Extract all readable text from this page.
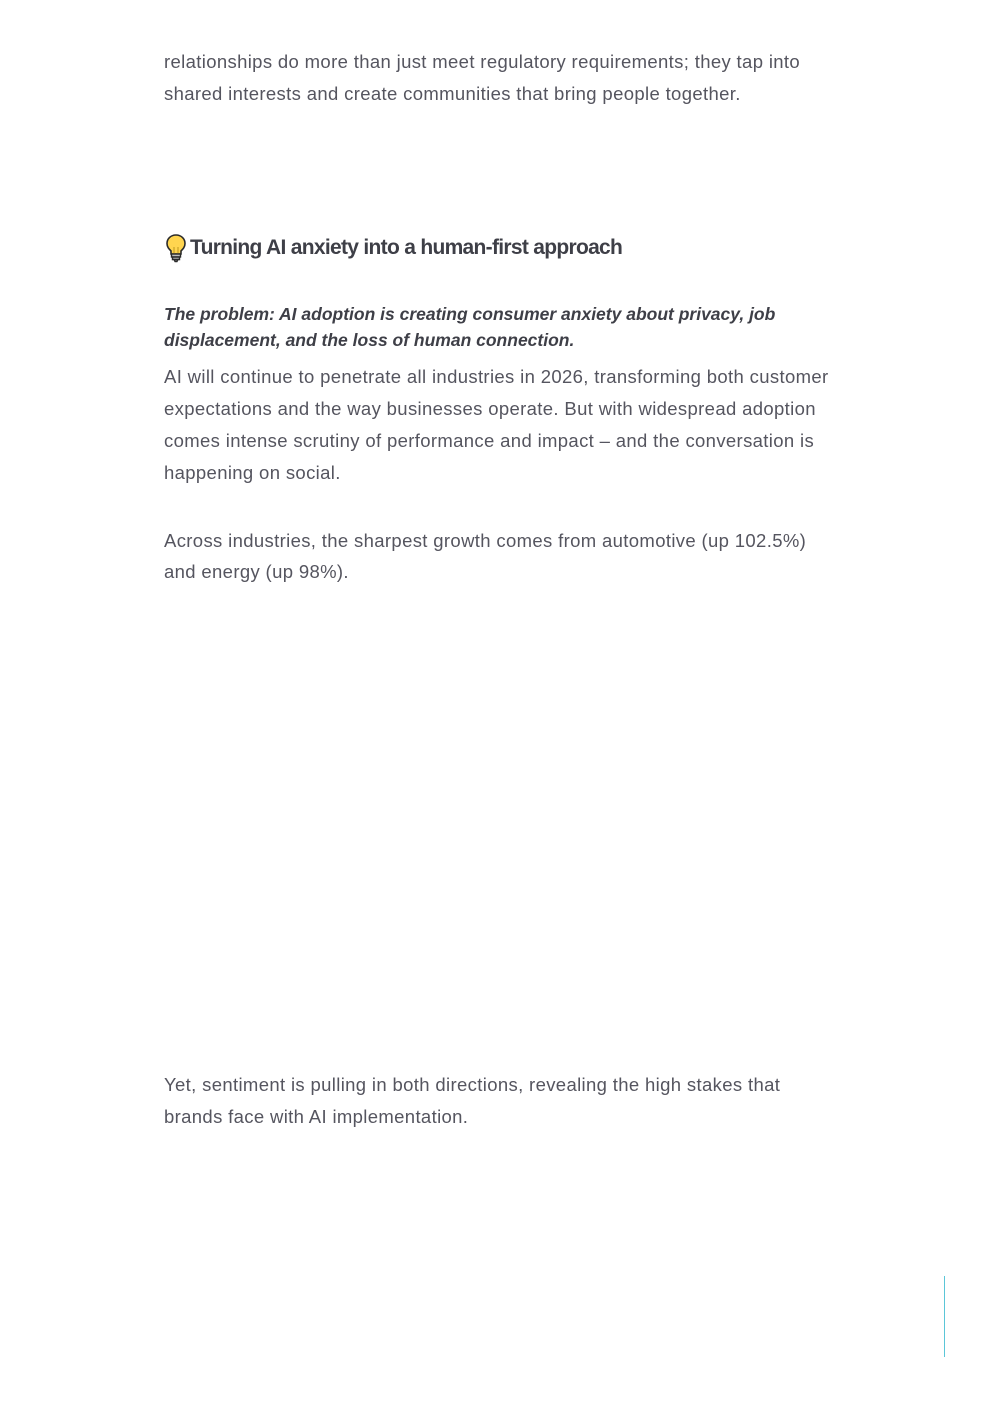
relationships do more than just meet regulatory requirements; they tap into shared interests and create communities that bring people together.

Turning AI anxiety into a human-first approach

The problem: AI adoption is creating consumer anxiety about privacy, job displacement, and the loss of human connection.

AI will continue to penetrate all industries in 2026, transforming both customer expectations and the way businesses operate. But with widespread adoption comes intense scrutiny of performance and impact – and the conversation is happening on social.

Across industries, the sharpest growth comes from automotive (up 102.5%) and energy (up 98%).

Yet, sentiment is pulling in both directions, revealing the high stakes that brands face with AI implementation.
